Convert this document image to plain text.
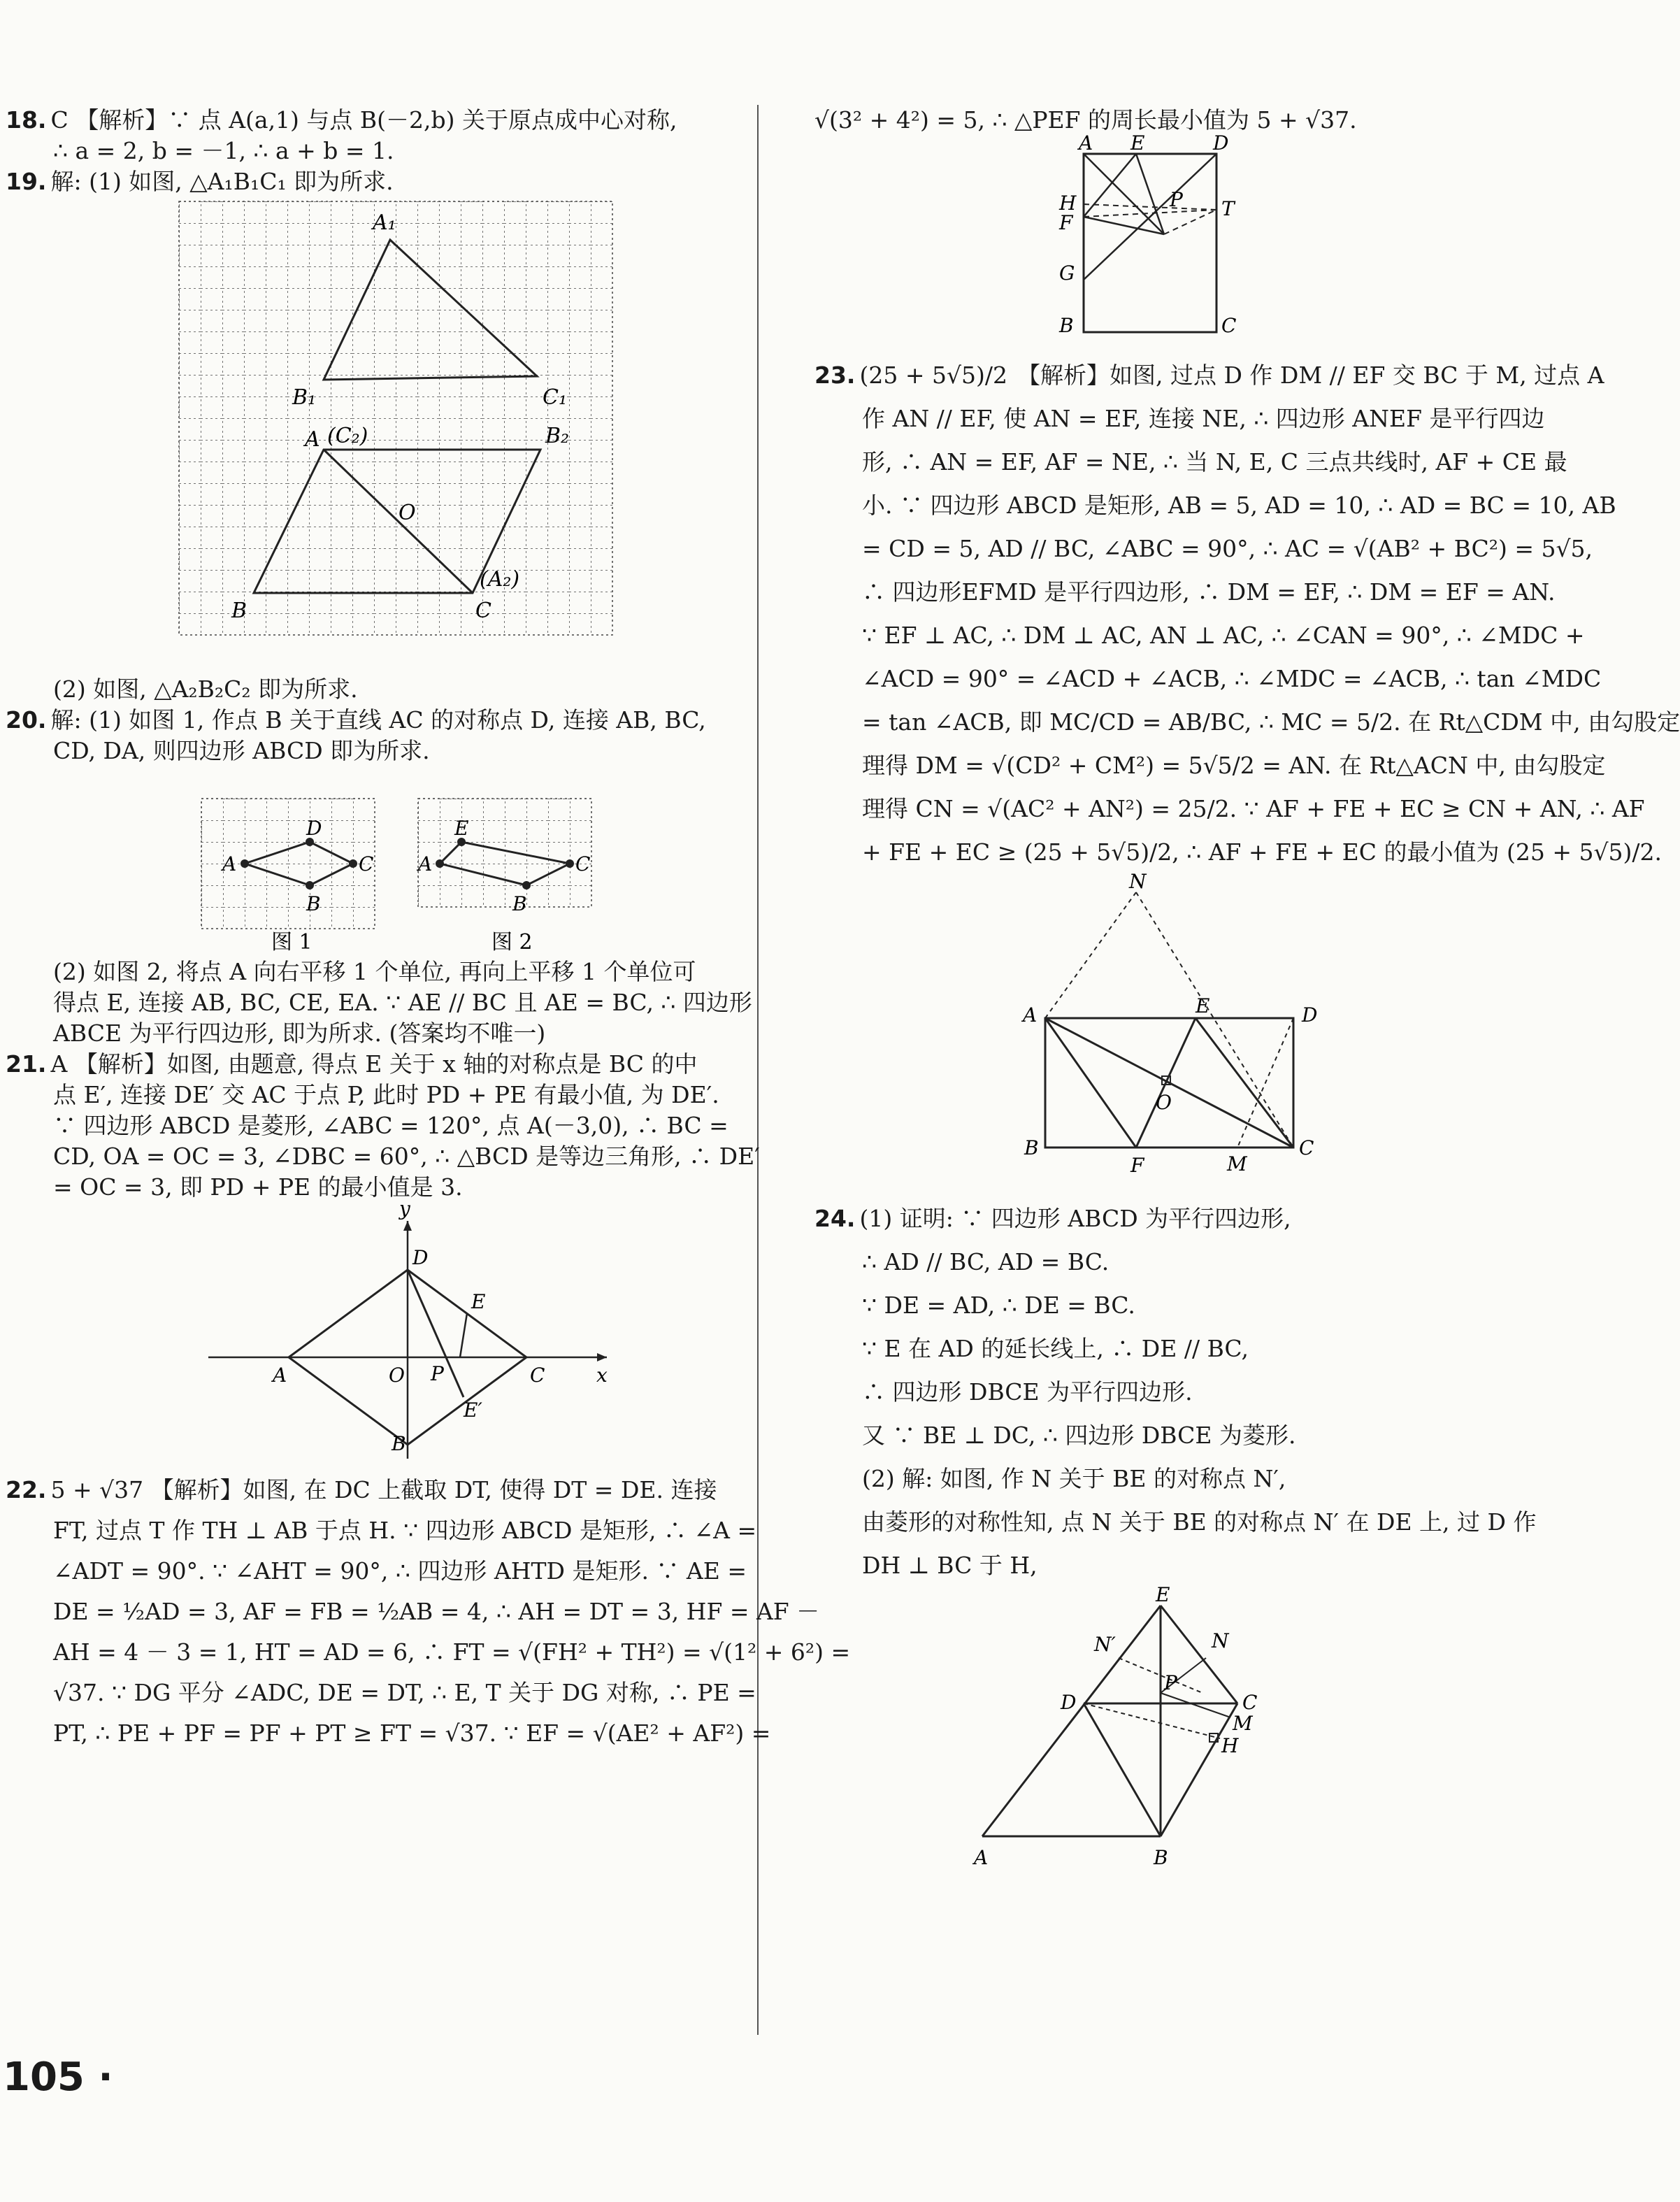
18. C 【解析】∵ 点 A(a,1) 与点 B(－2,b) 关于原点成中心对称,
∴ a = 2, b = －1, ∴ a + b = 1.
19. 解: (1) 如图, △A₁B₁C₁ 即为所求.
A₁
B₁	C₁
A (C₂)	B₂
O
B	C
(A₂)
(2) 如图, △A₂B₂C₂ 即为所求.
20. 解: (1) 如图 1, 作点 B 关于直线 AC 的对称点 D, 连接 AB, BC,
CD, DA, 则四边形 ABCD 即为所求.
A
D
C
B
A
E
C
B
图 1	图 2
(2) 如图 2, 将点 A 向右平移 1 个单位, 再向上平移 1 个单位可
得点 E, 连接 AB, BC, CE, EA. ∵ AE // BC 且 AE = BC, ∴ 四边形
ABCE 为平行四边形, 即为所求. (答案均不唯一)
21. A 【解析】如图, 由题意, 得点 E 关于 x 轴的对称点是 BC 的中
点 E′, 连接 DE′ 交 AC 于点 P, 此时 PD + PE 有最小值, 为 DE′.
∵ 四边形 ABCD 是菱形, ∠ABC = 120°, 点 A(－3,0), ∴ BC =
CD, OA = OC = 3, ∠DBC = 60°, ∴ △BCD 是等边三角形, ∴ DE′
= OC = 3, 即 PD + PE 的最小值是 3.
y
x
D
E
A	O P	C
E′
B
22. 5 + √37 【解析】如图, 在 DC 上截取 DT, 使得 DT = DE. 连接
FT, 过点 T 作 TH ⊥ AB 于点 H. ∵ 四边形 ABCD 是矩形, ∴ ∠A =
∠ADT = 90°. ∵ ∠AHT = 90°, ∴ 四边形 AHTD 是矩形. ∵ AE =
DE = ½AD = 3, AF = FB = ½AB = 4, ∴ AH = DT = 3, HF = AF －
AH = 4 － 3 = 1, HT = AD = 6, ∴ FT = √(FH² + TH²) = √(1² + 6²) =
√37. ∵ DG 平分 ∠ADC, DE = DT, ∴ E, T 关于 DG 对称, ∴ PE =
PT, ∴ PE + PF = PF + PT ≥ FT = √37. ∵ EF = √(AE² + AF²) =
√(3² + 4²) = 5, ∴ △PEF 的周长最小值为 5 + √37.
A E	D
H	P T
F
G
B	C
23. (25 + 5√5)/2 【解析】如图, 过点 D 作 DM // EF 交 BC 于 M, 过点 A
作 AN // EF, 使 AN = EF, 连接 NE, ∴ 四边形 ANEF 是平行四边
形, ∴ AN = EF, AF = NE, ∴ 当 N, E, C 三点共线时, AF + CE 最
小. ∵ 四边形 ABCD 是矩形, AB = 5, AD = 10, ∴ AD = BC = 10, AB
= CD = 5, AD // BC, ∠ABC = 90°, ∴ AC = √(AB² + BC²) = 5√5,
∴ 四边形EFMD 是平行四边形, ∴ DM = EF, ∴ DM = EF = AN.
∵ EF ⊥ AC, ∴ DM ⊥ AC, AN ⊥ AC, ∴ ∠CAN = 90°, ∴ ∠MDC +
∠ACD = 90° = ∠ACD + ∠ACB, ∴ ∠MDC = ∠ACB, ∴ tan ∠MDC
= tan ∠ACB, 即 MC/CD = AB/BC, ∴ MC = 5/2. 在 Rt△CDM 中, 由勾股定
理得 DM = √(CD² + CM²) = 5√5/2 = AN. 在 Rt△ACN 中, 由勾股定
理得 CN = √(AC² + AN²) = 25/2. ∵ AF + FE + EC ≥ CN + AN, ∴ AF
+ FE + EC ≥ (25 + 5√5)/2, ∴ AF + FE + EC 的最小值为 (25 + 5√5)/2.
N
A	E	D
O
B
F	M
C
24. (1) 证明: ∵ 四边形 ABCD 为平行四边形,
∴ AD // BC, AD = BC.
∵ DE = AD, ∴ DE = BC.
∵ E 在 AD 的延长线上, ∴ DE // BC,
∴ 四边形 DBCE 为平行四边形.
又 ∵ BE ⊥ DC, ∴ 四边形 DBCE 为菱形.
(2) 解: 如图, 作 N 关于 BE 的对称点 N′,
由菱形的对称性知, 点 N 关于 BE 的对称点 N′ 在 DE 上, 过 D 作
DH ⊥ BC 于 H,
E
N′	N
P
D	C
M
H
A	B
105 ·
